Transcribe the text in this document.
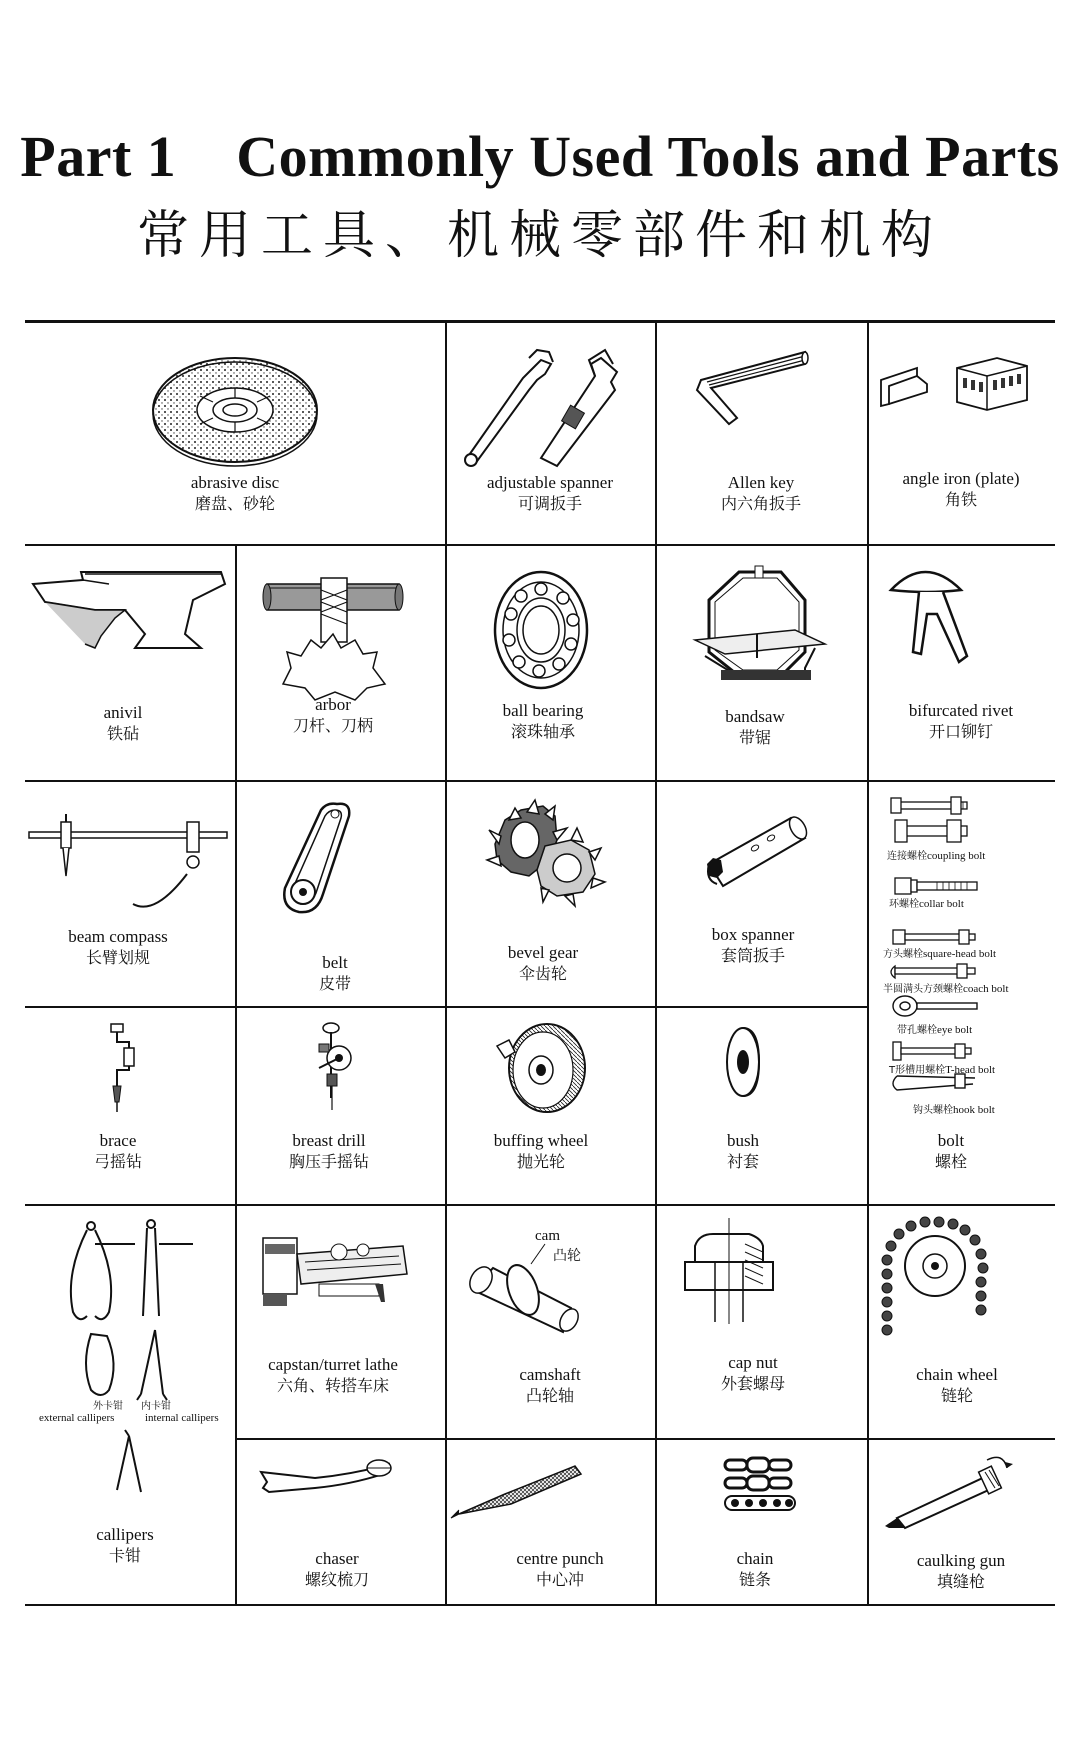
Part 1    Commonly Used Tools and Parts
常用工具、机械零部件和机构
abrasive disc
磨盘、砂轮
adjustable spanner
可调扳手
Allen key
内六角扳手
angle iron (plate)
角铁
anivil
铁砧
arbor
刀杆、刀柄
ball bearing
滚珠轴承
bandsaw
带锯
bifurcated rivet
开口铆钉
beam compass
长臂划规	belt
皮带
bevel gear
伞齿轮
box spanner
套筒扳手
连接螺栓coupling bolt
环螺栓collar bolt
方头螺栓square-head bolt
半圆满头方颈螺栓coach bolt
带孔螺栓eye bolt
T形槽用螺栓T-head bolt
钩头螺栓hook bolt
bolt
螺栓
brace
弓摇钻
breast drill
胸压手摇钻
buffing wheel
抛光轮
bush
衬套
外卡钳 内卡钳
external callipers	internal callipers
callipers
卡钳
capstan/turret lathe
六角、转搭车床
cam
凸轮
camshaft
凸轮轴
cap nut
外套螺母	chain wheel
链轮
chaser
螺纹梳刀
centre punch
中心冲
chain
链条
caulking gun
填缝枪
